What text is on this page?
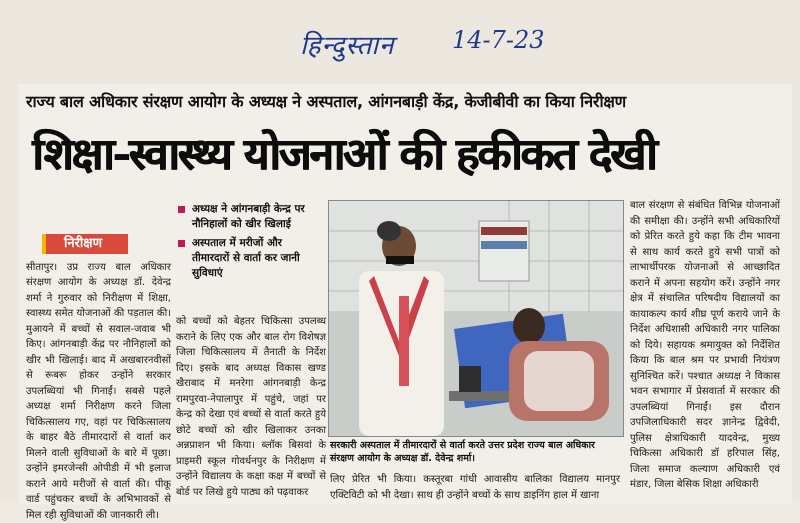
हिन्दुस्तान 14-7-23
राज्य बाल अधिकार संरक्षण आयोग के अध्यक्ष ने अस्पताल, आंगनबाड़ी केंद्र, केजीबीवी का किया निरीक्षण
शिक्षा-स्वास्थ्य योजनाओं की हकीकत देखी
निरीक्षण
सीतापुर। उप्र राज्य बाल अधिकार संरक्षण आयोग के अध्यक्ष डॉ. देवेन्द्र शर्मा ने गुरुवार को निरीक्षण में शिक्षा, स्वास्थ्य समेत योजनाओं की पड़ताल की। मुआयने में बच्चों से सवाल-जवाब भी किए। आंगनबाड़ी केंद्र पर नौनिहालों को खीर भी खिलाई। बाद में अखबारनवीसों से रूबरू होकर उन्होंने सरकार उपलब्धियां भी गिनाईं। सबसे पहले अध्यक्ष शर्मा निरीक्षण करने जिला चिकित्सालय गए, वहां पर चिकित्सालय के बाहर बैठे तीमारदारों से वार्ता कर मिलने वाली सुविधाओं के बारे में पूछा। उन्होंने इमरजेन्सी ओपीडी में भी इलाज कराने आये मरीजों से वार्ता की। पीकू वार्ड पहुंचकर बच्चों के अभिभावकों से मिल रही सुविधाओं की जानकारी ली।
अध्यक्ष ने आंगनबाड़ी केन्द्र पर नौनिहालों को खीर खिलाई
अस्पताल में मरीजों और तीमारदारों से वार्ता कर जानी सुविधाएं
को बच्चों को बेहतर चिकित्सा उपलब्ध कराने के लिए एक और बाल रोग विशेषज्ञ जिला चिकित्सालय में तैनाती के निर्देश दिए। इसके बाद अध्यक्ष विकास खण्ड खैराबाद में मनरेगा आंगनबाड़ी केन्द्र रामपुरवा-नेपालापुर में पहुंचे, जहां पर केन्द्र को देखा एवं बच्चों से वार्ता करते हुये छोटे बच्चों को खीर खिलाकर उनका अन्नप्राशन भी किया। ब्लॉक बिसवां के प्राइमरी स्कूल गोवर्धनपुर के निरीक्षण में उन्होंने विद्यालय के कक्षा कक्ष में बच्चों से बोर्ड पर लिखे हुये पाठ्य को पढ़वाकर
सरकारी अस्पताल में तीमारदारों से वार्ता करते उत्तर प्रदेश राज्य बाल अधिकार संरक्षण आयोग के अध्यक्ष डॉ. देवेन्द्र शर्मा।
लिए प्रेरित भी किया। कस्तूरबा गांधी आवासीय बालिका विद्यालय मानपुर एक्टिविटी को भी देखा। साथ ही उन्होंने बच्चों के साथ डाइनिंग हाल में खाना
बाल संरक्षण से संबंधित विभिन्न योजनाओं की समीक्षा की। उन्होंने सभी अधिकारियों को प्रेरित करते हुये कहा कि टीम भावना से साथ कार्य करते हुये सभी पात्रों को लाभार्थीपरक योजनाओं से आच्छादित कराने में अपना सहयोग करें। उन्होंने नगर क्षेत्र में संचालित परिषदीय विद्यालयों का कायाकल्प कार्य शीघ्र पूर्ण कराये जाने के निर्देश अधिशासी अधिकारी नगर पालिका को दिये। सहायक श्रमायुक्त को निर्देशित किया कि बाल श्रम पर प्रभावी नियंत्रण सुनिश्चित करें। पश्चात अध्यक्ष ने विकास भवन सभागार में प्रेसवार्ता में सरकार की उपलब्धियां गिनाईं। इस दौरान उपजिलाधिकारी सदर ज्ञानेन्द्र द्विवेदी, पुलिस क्षेत्राधिकारी यादवेन्द्र, मुख्य चिकित्सा अधिकारी डॉ हरिपाल सिंह, जिला समाज कल्याण अधिकारी एवं मंडार, जिला बेसिक शिक्षा अधिकारी
